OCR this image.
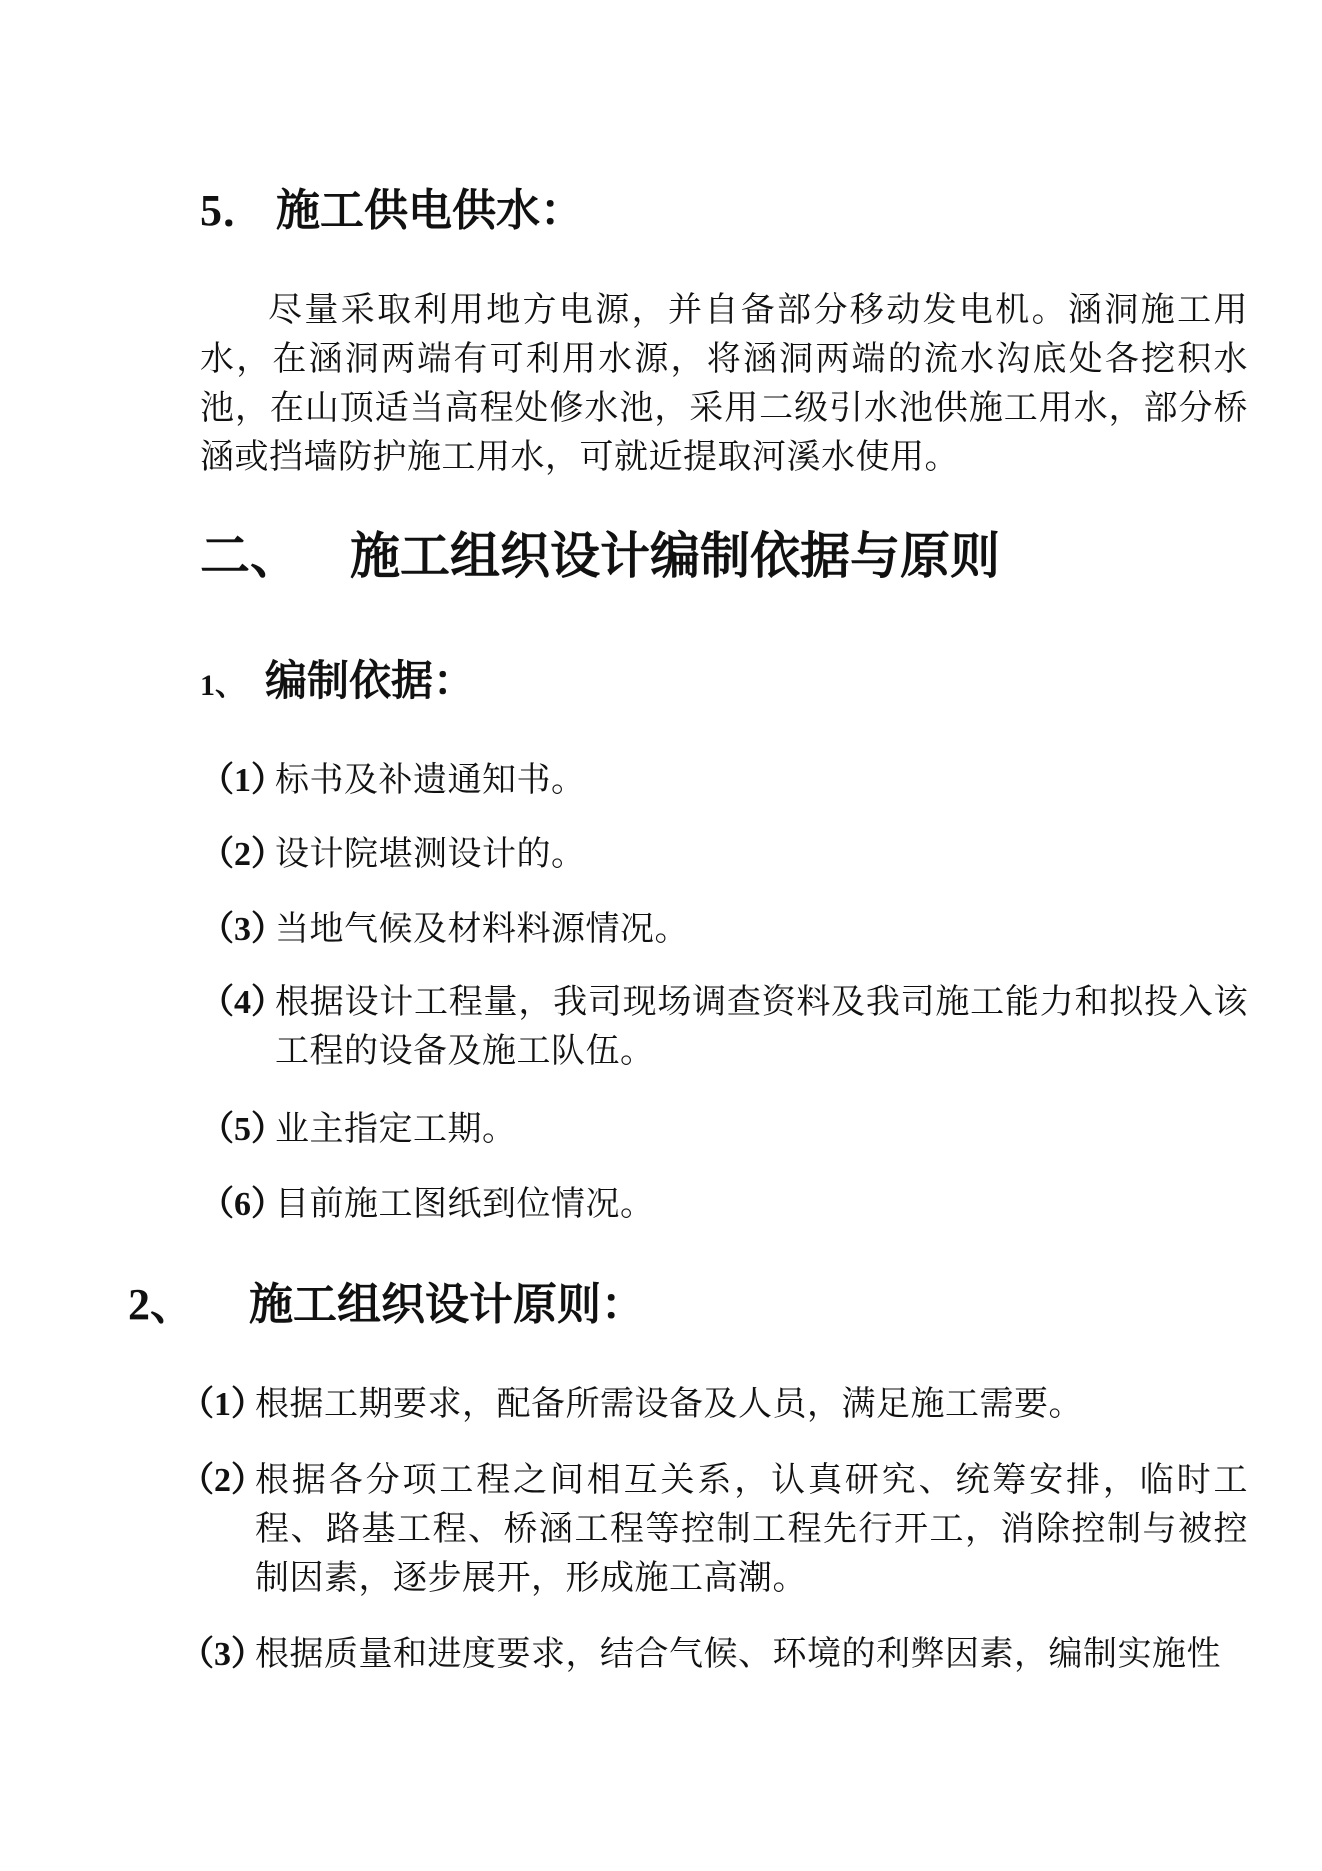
5． 施工供电供水：
尽量采取利用地方电源，并自备部分移动发电机。涵洞施工用水，在涵洞两端有可利用水源，将涵洞两端的流水沟底处各挖积水池，在山顶适当高程处修水池，采用二级引水池供施工用水，部分桥涵或挡墙防护施工用水，可就近提取河溪水使用。
二、 施工组织设计编制依据与原则
1、 编制依据：
（1）
标书及补遗通知书。
（2）
设计院堪测设计的。
（3）
当地气候及材料料源情况。
（4）
根据设计工程量，我司现场调查资料及我司施工能力和拟投入该工程的设备及施工队伍。
（5）
业主指定工期。
（6）
目前施工图纸到位情况。
2、 施工组织设计原则：
（1）
根据工期要求，配备所需设备及人员，满足施工需要。
（2）
根据各分项工程之间相互关系，认真研究、统筹安排，临时工程、路基工程、桥涵工程等控制工程先行开工，消除控制与被控制因素，逐步展开，形成施工高潮。
（3）
根据质量和进度要求，结合气候、环境的利弊因素，编制实施性
